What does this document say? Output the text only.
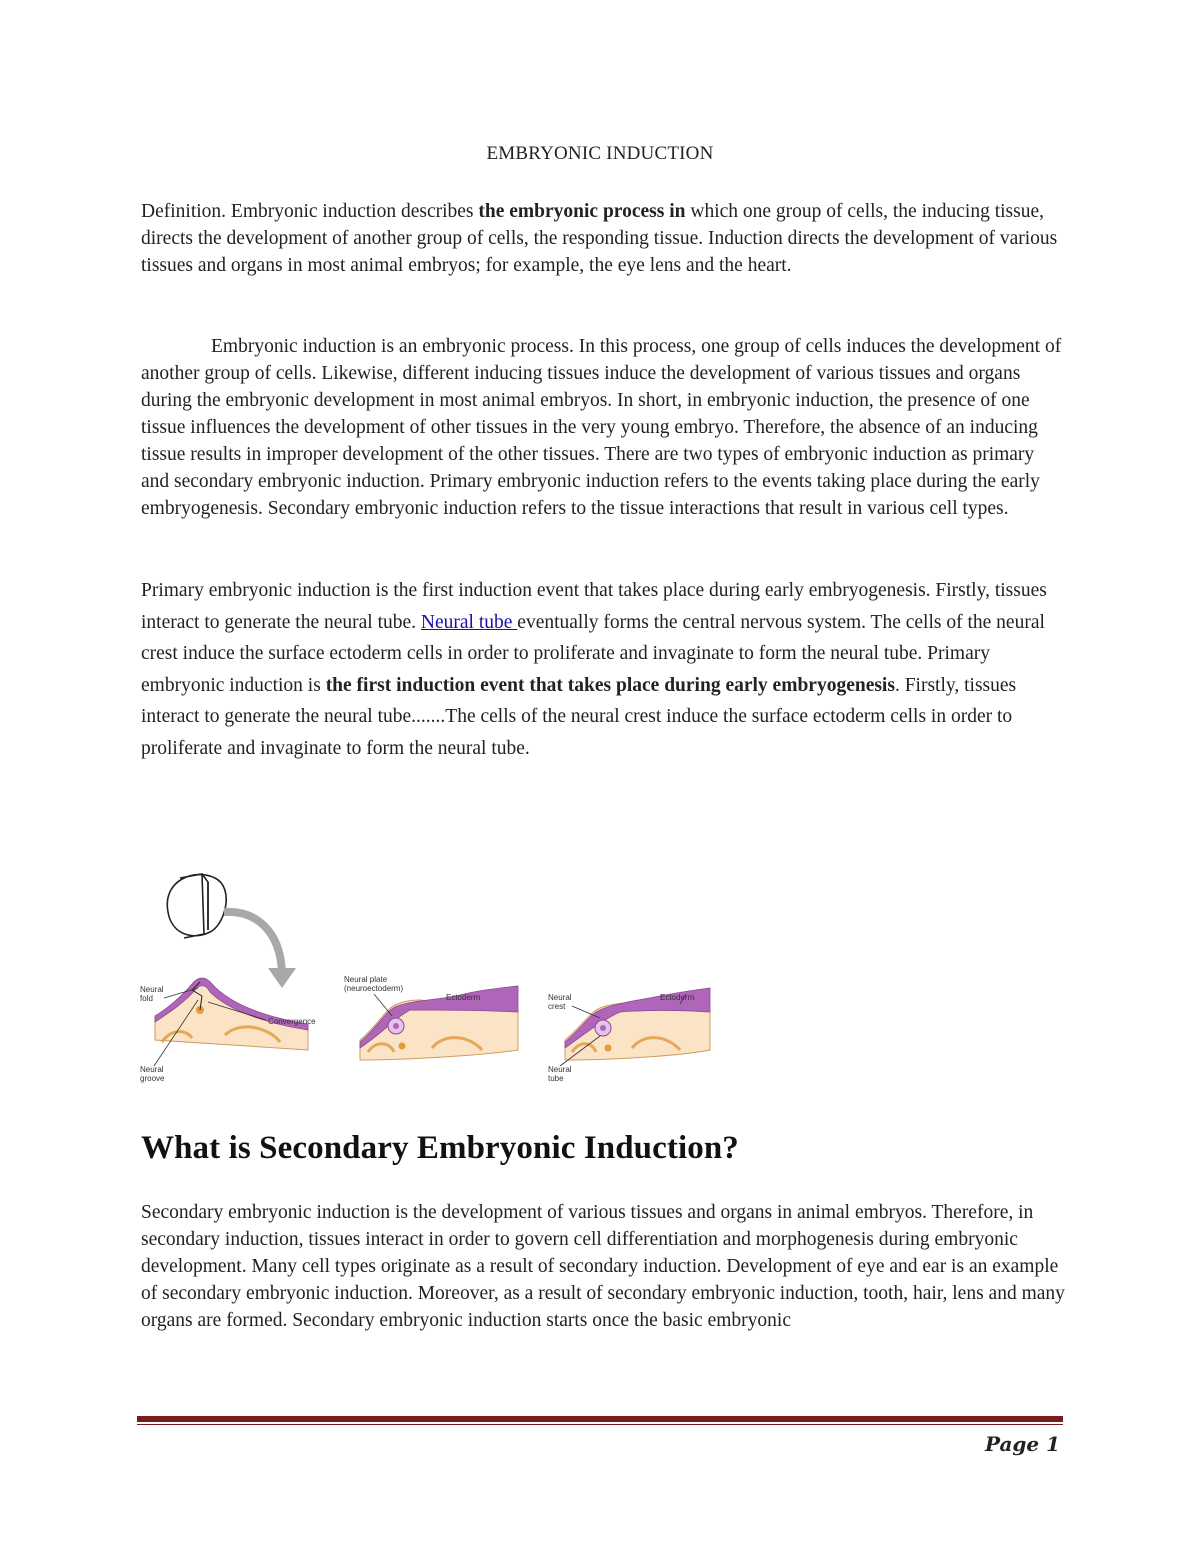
EMBRYONIC INDUCTION

Definition. Embryonic induction describes the embryonic process in which one group of cells, the inducing tissue, directs the development of another group of cells, the responding tissue. Induction directs the development of various tissues and organs in most animal embryos; for example, the eye lens and the heart.

Embryonic induction is an embryonic process. In this process, one group of cells induces the development of another group of cells. Likewise, different inducing tissues induce the development of various tissues and organs during the embryonic development in most animal embryos. In short, in embryonic induction, the presence of one tissue influences the development of other tissues in the very young embryo. Therefore, the absence of an inducing tissue results in improper development of the other tissues. There are two types of embryonic induction as primary and secondary embryonic induction. Primary embryonic induction refers to the events taking place during the early embryogenesis. Secondary embryonic induction refers to the tissue interactions that result in various cell types.

Primary embryonic induction is the first induction event that takes place during early embryogenesis. Firstly, tissues interact to generate the neural tube. Neural tube eventually forms the central nervous system. The cells of the neural crest induce the surface ectoderm cells in order to proliferate and invaginate to form the neural tube. Primary embryonic induction is the first induction event that takes place during early embryogenesis. Firstly, tissues interact to generate the neural tube.......The cells of the neural crest induce the surface ectoderm cells in order to proliferate and invaginate to form the neural tube.

Neural
fold
Convergence
Neural
groove
Neural plate
(neuroectoderm)
Ectoderm	Neural
crest
Ectoderm
Neural
tube
What is Secondary Embryonic Induction?

Secondary embryonic induction is the development of various tissues and organs in animal embryos. Therefore, in secondary induction, tissues interact in order to govern cell differentiation and morphogenesis during embryonic development. Many cell types originate as a result of secondary induction. Development of eye and ear is an example of secondary embryonic induction. Moreover, as a result of secondary embryonic induction, tooth, hair, lens and many organs are formed. Secondary embryonic induction starts once the basic embryonic

Page 1
